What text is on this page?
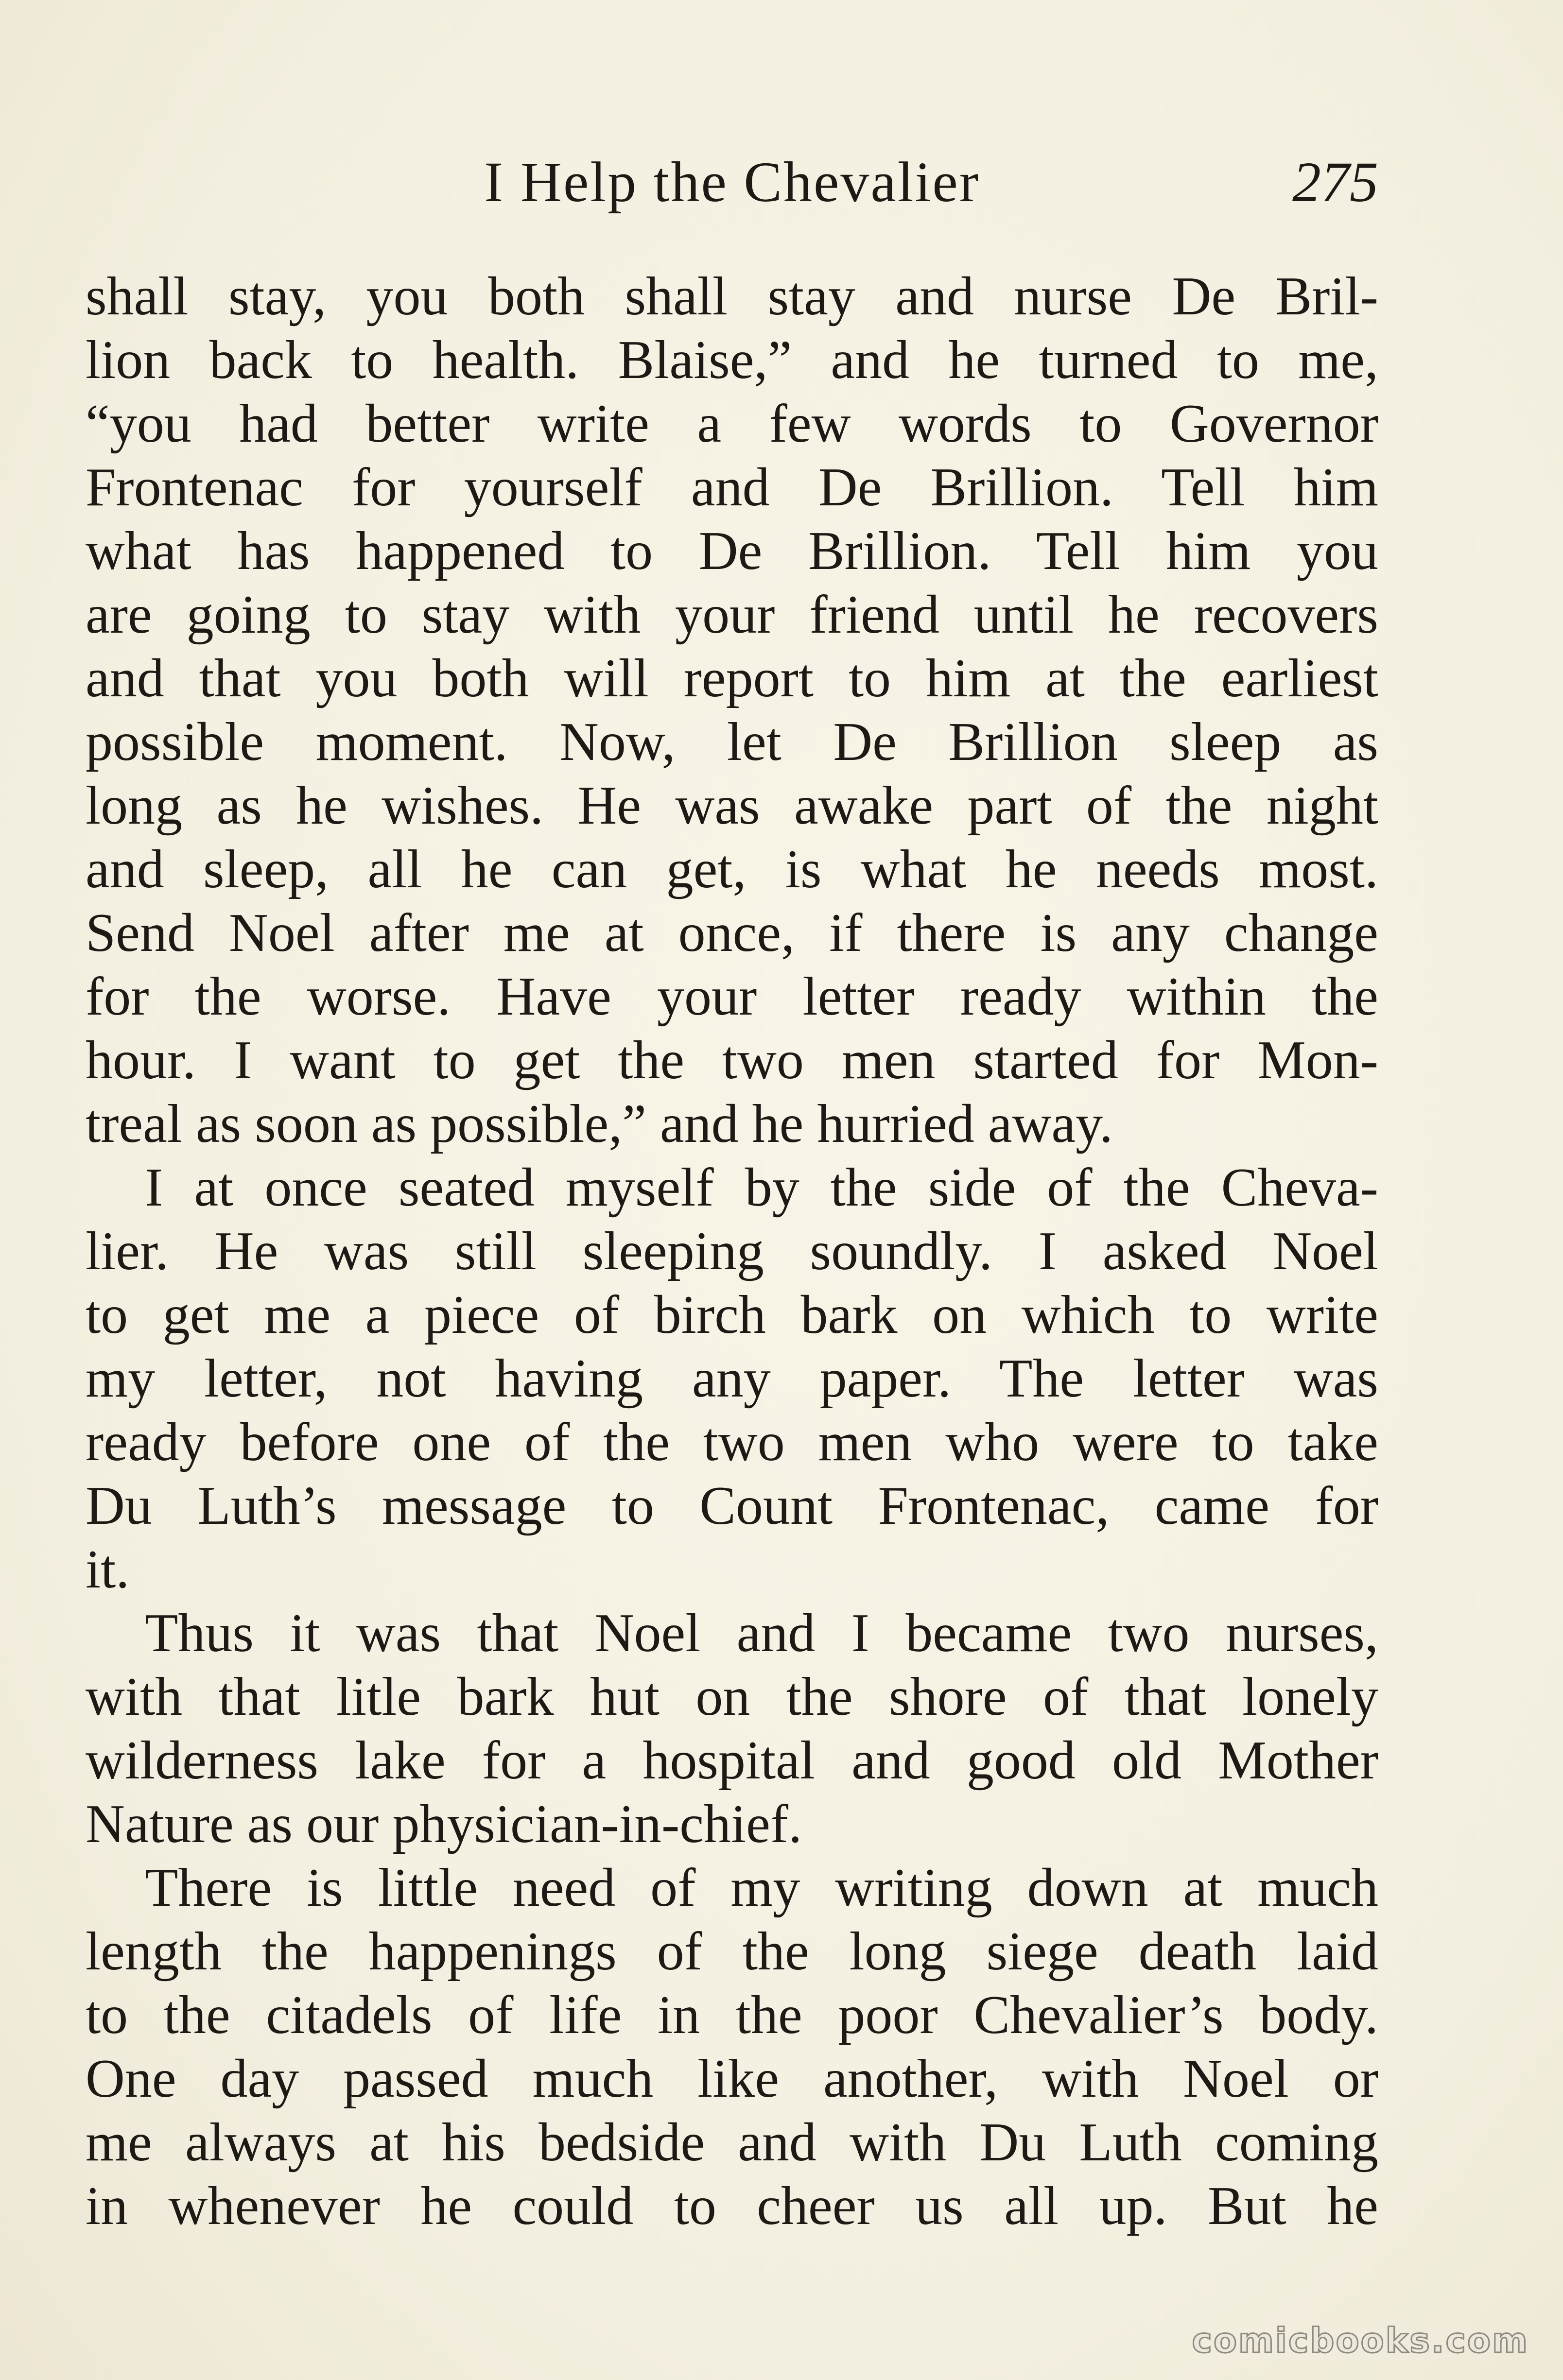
I Help the Chevalier	275
shall stay, you both shall stay and nurse De Bril-
lion back to health. Blaise,” and he turned to me,
“you had better write a few words to Governor
Frontenac for yourself and De Brillion. Tell him
what has happened to De Brillion. Tell him you
are going to stay with your friend until he recovers
and that you both will report to him at the earliest
possible moment. Now, let De Brillion sleep as
long as he wishes. He was awake part of the night
and sleep, all he can get, is what he needs most.
Send Noel after me at once, if there is any change
for the worse. Have your letter ready within the
hour. I want to get the two men started for Mon-
treal as soon as possible,” and he hurried away.
I at once seated myself by the side of the Cheva-
lier. He was still sleeping soundly. I asked Noel
to get me a piece of birch bark on which to write
my letter, not having any paper. The letter was
ready before one of the two men who were to take
Du Luth’s message to Count Frontenac, came for
it.
Thus it was that Noel and I became two nurses,
with that litle bark hut on the shore of that lonely
wilderness lake for a hospital and good old Mother
Nature as our physician-in-chief.
There is little need of my writing down at much
length the happenings of the long siege death laid
to the citadels of life in the poor Chevalier’s body.
One day passed much like another, with Noel or
me always at his bedside and with Du Luth coming
in whenever he could to cheer us all up. But he
comicbooks.com
